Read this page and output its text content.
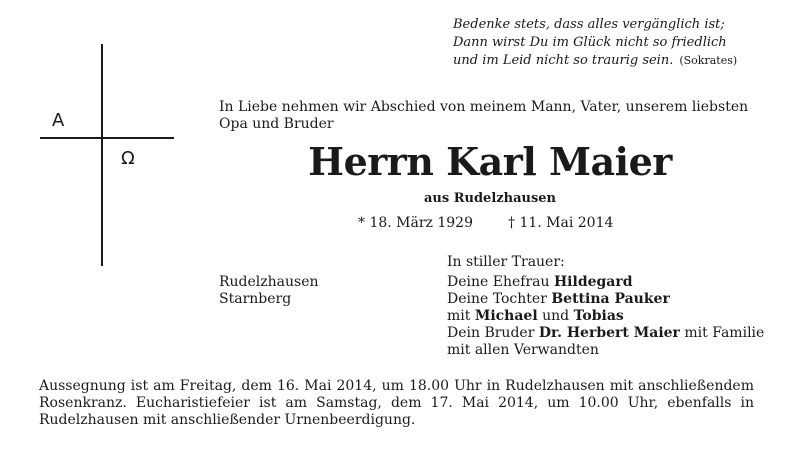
Bedenke stets, dass alles vergänglich ist;
Dann wirst Du im Glück nicht so friedlich
und im Leid nicht so traurig sein. (Sokrates)
A
Ω
In Liebe nehmen wir Abschied von meinem Mann, Vater, unserem liebsten Opa und Bruder
Herrn Karl Maier
aus Rudelzhausen
* 18. März 1929	† 11. Mai 2014
In stiller Trauer:
Rudelzhausen
Starnberg
Deine Ehefrau Hildegard
Deine Tochter Bettina Pauker
mit Michael und Tobias
Dein Bruder Dr. Herbert Maier mit Familie
mit allen Verwandten
Aussegnung ist am Freitag, dem 16. Mai 2014, um 18.00 Uhr in Rudelzhausen mit anschließendem Rosenkranz. Eucharistiefeier ist am Samstag, dem 17. Mai 2014, um 10.00 Uhr, ebenfalls in Rudelzhausen mit anschließender Urnenbeerdigung.
